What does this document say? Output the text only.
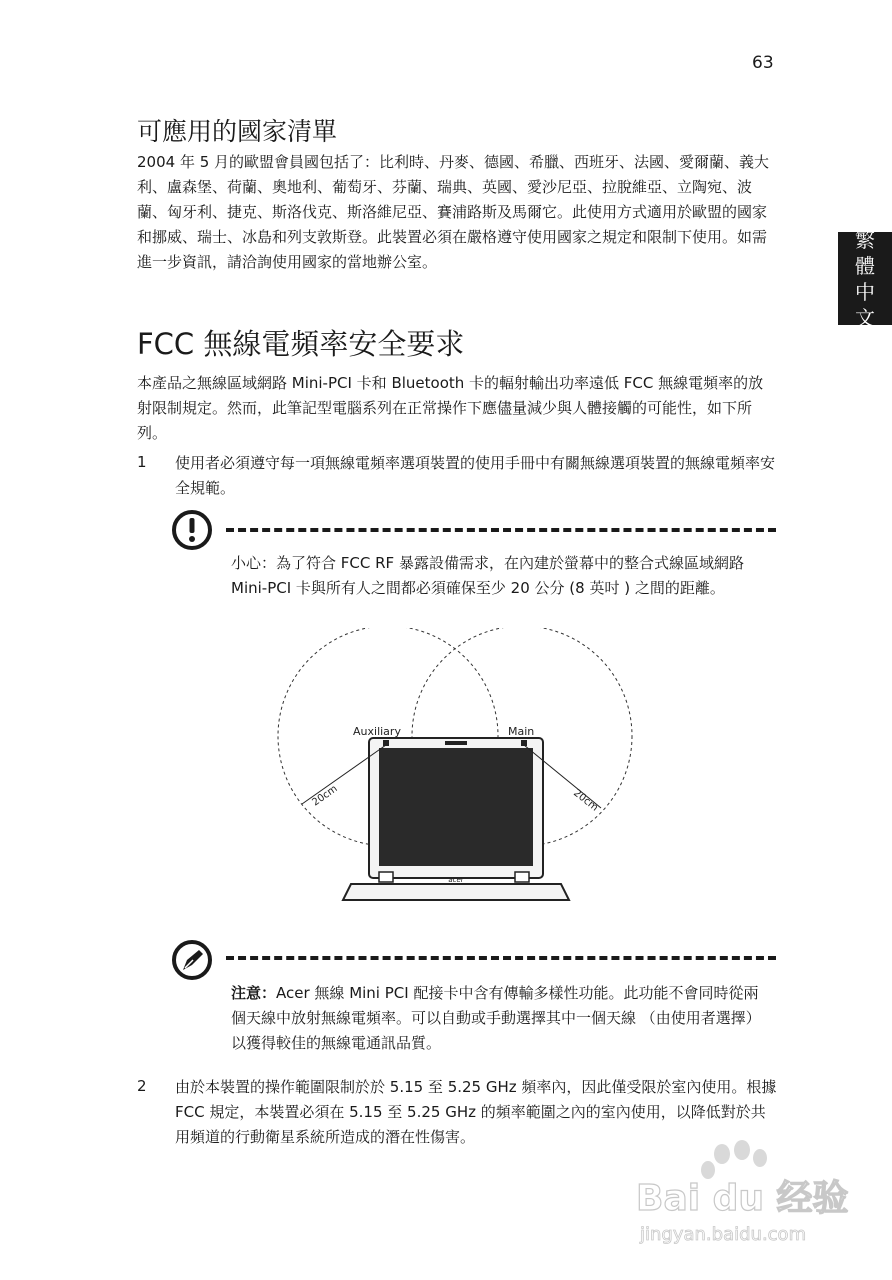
63
繁
體
中
文
可應用的國家清單

2004 年 5 月的歐盟會員國包括了：比利時、丹麥、德國、希臘、西班牙、法國、愛爾蘭、義大利、盧森堡、荷蘭、奧地利、葡萄牙、芬蘭、瑞典、英國、愛沙尼亞、拉脫維亞、立陶宛、波蘭、匈牙利、捷克、斯洛伐克、斯洛維尼亞、賽浦路斯及馬爾它。此使用方式適用於歐盟的國家和挪威、瑞士、冰島和列支敦斯登。此裝置必須在嚴格遵守使用國家之規定和限制下使用。如需進一步資訊，請洽詢使用國家的當地辦公室。

FCC 無線電頻率安全要求

本產品之無線區域網路 Mini-PCI 卡和 Bluetooth 卡的輻射輸出功率遠低 FCC 無線電頻率的放射限制規定。然而，此筆記型電腦系列在正常操作下應儘量減少與人體接觸的可能性，如下所列。

1 使用者必須遵守每一項無線電頻率選項裝置的使用手冊中有關無線選項裝置的無線電頻率安全規範。
小心：為了符合 FCC RF 暴露設備需求，在內建於螢幕中的整合式線區域網路 Mini-PCI 卡與所有人之間都必須確保至少 20 公分 (8 英吋 ) 之間的距離。
acer
Auxiliary	Main
20cm	20cm
注意：Acer 無線 Mini PCI 配接卡中含有傳輸多樣性功能。此功能不會同時從兩個天線中放射無線電頻率。可以自動或手動選擇其中一個天線 （由使用者選擇）以獲得較佳的無線電通訊品質。
2 由於本裝置的操作範圍限制於於 5.15 至 5.25 GHz 頻率內，因此僅受限於室內使用。根據 FCC 規定，本裝置必須在 5.15 至 5.25 GHz 的頻率範圍之內的室內使用，以降低對於共用頻道的行動衛星系統所造成的潛在性傷害。
Bai du 经验
jingyan.baidu.com
